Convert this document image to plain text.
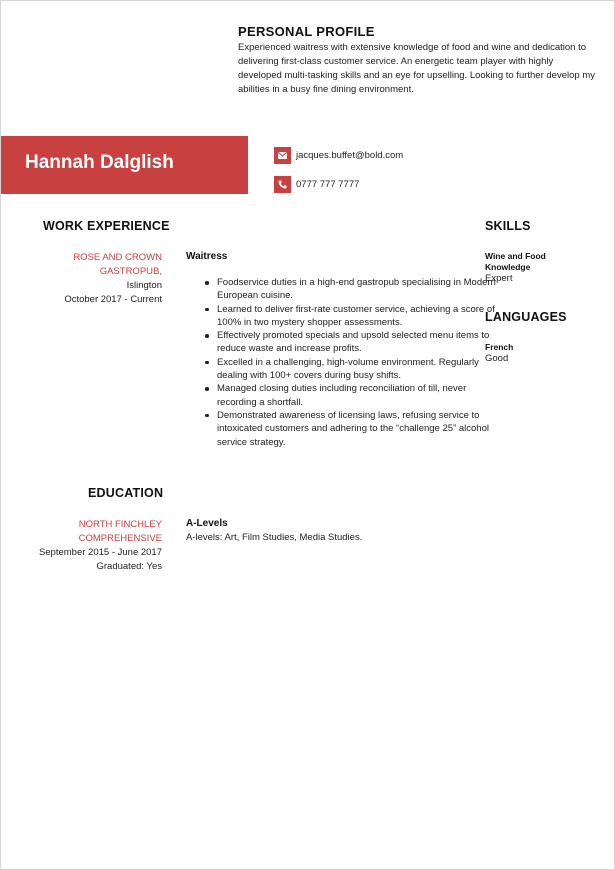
PERSONAL PROFILE
Experienced waitress with extensive knowledge of food and wine and dedication to delivering first-class customer service. An energetic team player with highly developed multi-tasking skills and an eye for upselling. Looking to further develop my abilities in a busy fine dining environment.
Hannah Dalglish	jacques.buffet@bold.com
0777 777 7777
WORK EXPERIENCE
ROSE AND CROWN GASTROPUB,
Islington
October 2017 - Current
Waitress
Foodservice duties in a high-end gastropub specialising in Modern European cuisine.
Learned to deliver first-rate customer service, achieving a score of 100% in two mystery shopper assessments.
Effectively promoted specials and upsold selected menu items to reduce waste and increase profits.
Excelled in a challenging, high-volume environment. Regularly dealing with 100+ covers during busy shifts.
Managed closing duties including reconciliation of till, never recording a shortfall.
Demonstrated awareness of licensing laws, refusing service to intoxicated customers and adhering to the “challenge 25” alcohol service strategy.
EDUCATION
NORTH FINCHLEY COMPREHENSIVE
September 2015 - June 2017
Graduated: Yes
A-Levels
A-levels: Art, Film Studies, Media Studies.
SKILLS
Wine and Food Knowledge
Expert
LANGUAGES
French
Good
